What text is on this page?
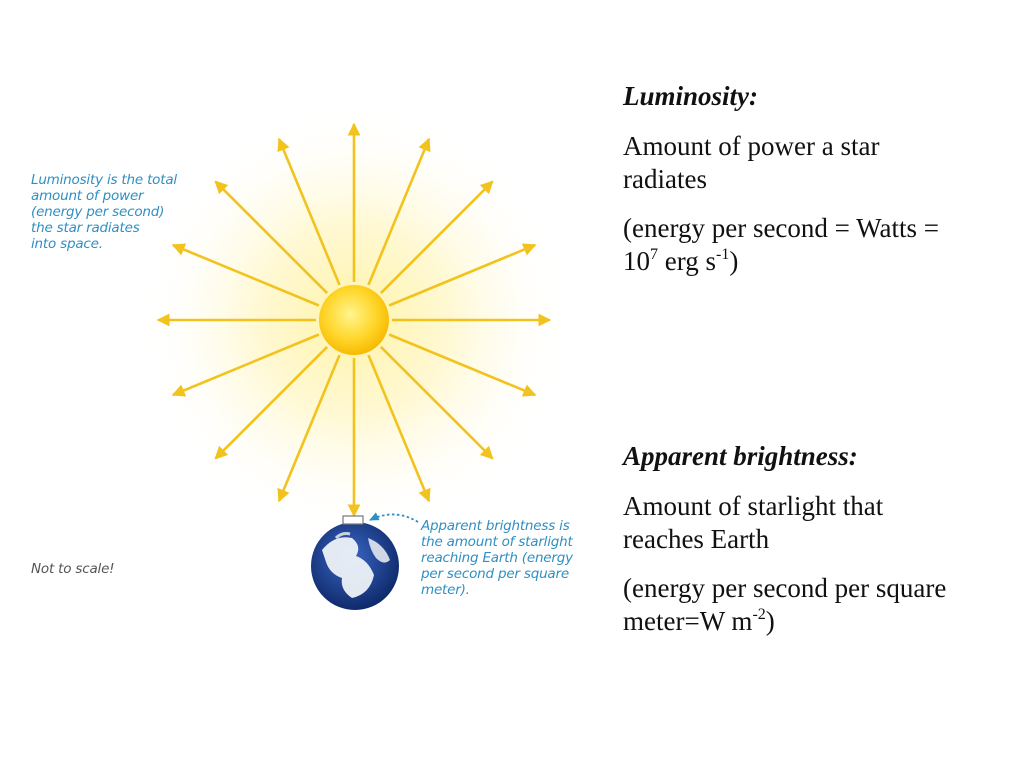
Luminosity is the total
amount of power
(energy per second)
the star radiates
into space.
Apparent brightness is
the amount of starlight
reaching Earth (energy
per second per square
meter).
Not to scale!
Luminosity:
Amount of power a star radiates
(energy per second = Watts = $10^7$ erg $s^{-1}$)
Apparent brightness:
Amount of starlight that reaches Earth
(energy per second per square meter=W $m^{-2}$)
